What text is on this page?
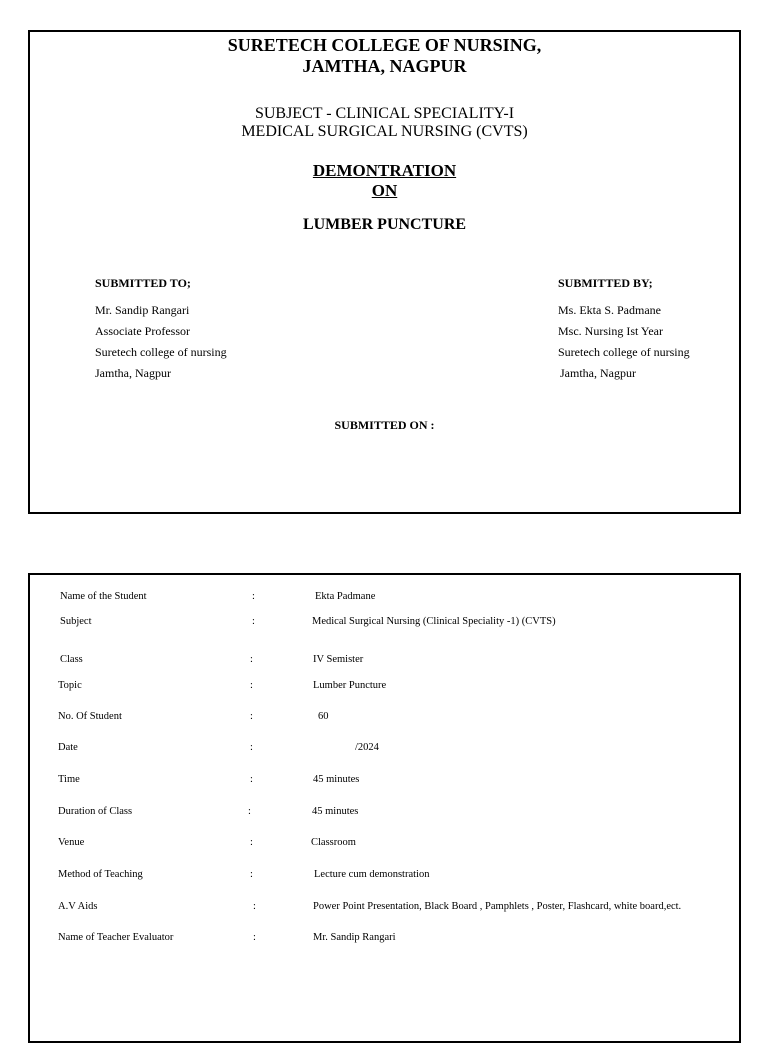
SURETECH COLLEGE OF NURSING,
JAMTHA, NAGPUR
SUBJECT - CLINICAL SPECIALITY-I
MEDICAL SURGICAL NURSING (CVTS)
DEMONTRATION
ON
LUMBER PUNCTURE
SUBMITTED TO;
Mr. Sandip Rangari
Associate Professor
Suretech college of nursing
Jamtha, Nagpur
SUBMITTED BY;
Ms. Ekta S. Padmane
Msc. Nursing Ist Year
Suretech college of nursing
Jamtha, Nagpur
SUBMITTED ON :
Name of the Student	:	Ekta Padmane
Subject	:	Medical Surgical Nursing (Clinical Speciality -1) (CVTS)
Class	:	IV Semister
Topic	:	Lumber Puncture
No. Of Student	:	60
Date	:	/2024
Time	:	45 minutes
Duration of Class	:	45 minutes
Venue	:	Classroom
Method of Teaching	:	Lecture cum demonstration
A.V Aids	:	Power Point Presentation, Black Board , Pamphlets , Poster, Flashcard, white board,ect.
Name of Teacher Evaluator	:	Mr. Sandip Rangari
